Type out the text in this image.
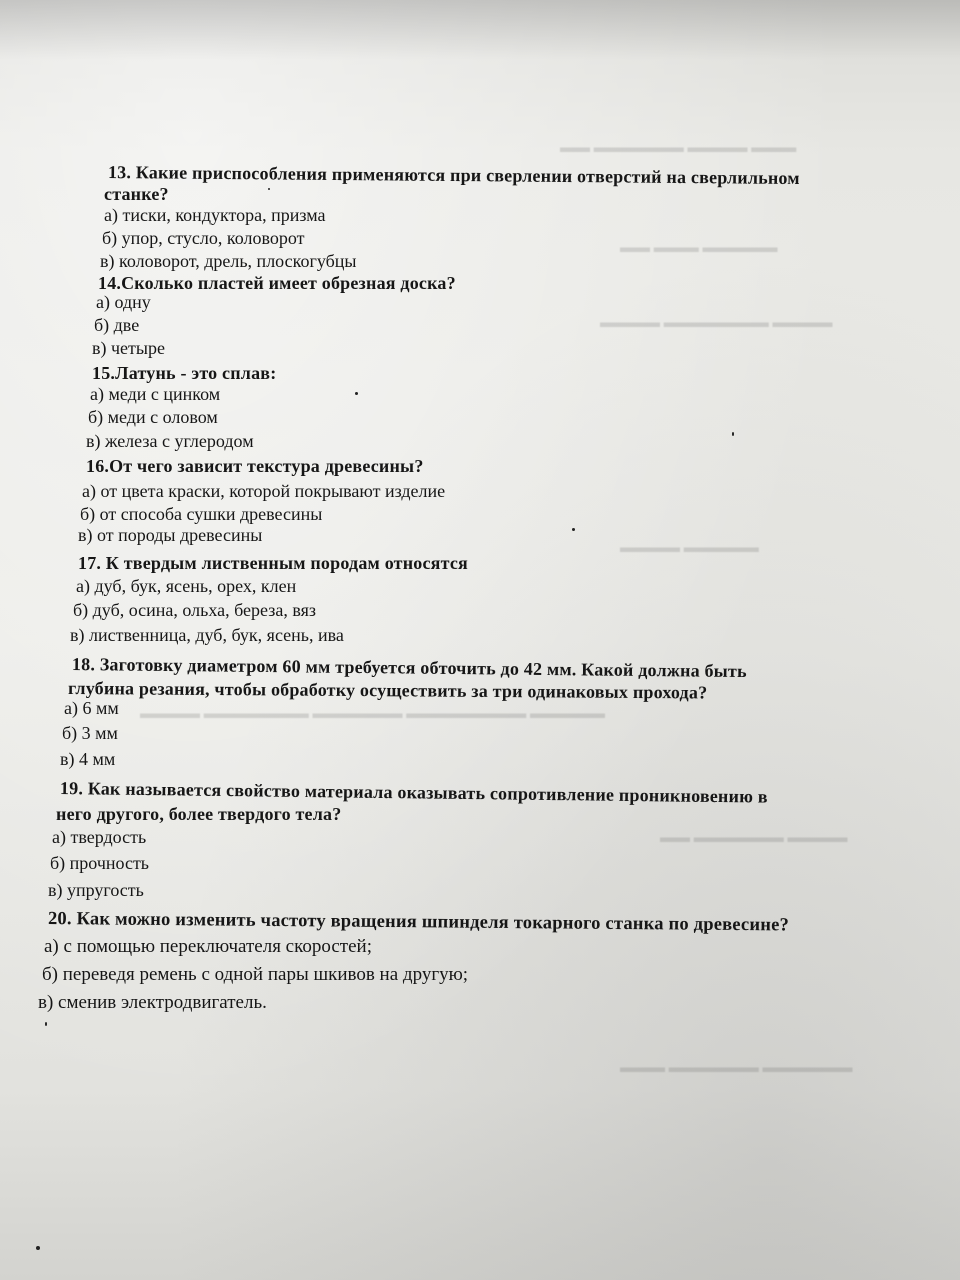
▬▬▬ ▬▬▬▬ ▬▬▬▬▬▬ ▬▬
▬▬▬▬▬ ▬▬▬ ▬▬
▬▬▬▬ ▬▬▬▬▬▬▬ ▬▬▬▬
▬▬▬▬▬ ▬▬▬▬
▬▬▬▬▬ ▬▬▬▬▬▬▬▬ ▬▬▬▬▬▬ ▬▬▬▬▬▬▬ ▬▬▬▬
▬▬▬▬ ▬▬▬▬▬▬ ▬▬
▬▬▬▬▬▬ ▬▬▬▬▬▬ ▬▬▬
13. Какие приспособления применяются при сверлении отверстий на сверлильном
станке?
а) тиски, кондуктора, призма
б) упор, стусло, коловорот
в) коловорот, дрель, плоскогубцы
14.Сколько пластей имеет обрезная доска?
а) одну
б) две
в) четыре
15.Латунь - это сплав:
а) меди с цинком
б) меди с оловом
в) железа с углеродом
16.От чего зависит текстура древесины?
а) от цвета краски, которой покрывают изделие
б) от способа сушки древесины
в) от породы древесины
17. К твердым лиственным породам относятся
а) дуб, бук, ясень, орех, клен
б) дуб, осина, ольха, береза, вяз
в) лиственница, дуб, бук, ясень, ива
18. Заготовку диаметром 60 мм требуется обточить до 42 мм. Какой должна быть
глубина резания, чтобы обработку осуществить за три одинаковых прохода?
а) 6 мм
б) 3 мм
в) 4 мм
19. Как называется свойство материала оказывать сопротивление проникновению в
него другого, более твердого тела?
а) твердость
б) прочность
в) упругость
20. Как можно изменить частоту вращения шпинделя токарного станка по древесине?
а) с помощью переключателя скоростей;
б) переведя ремень с одной пары шкивов на другую;
в) сменив электродвигатель.
